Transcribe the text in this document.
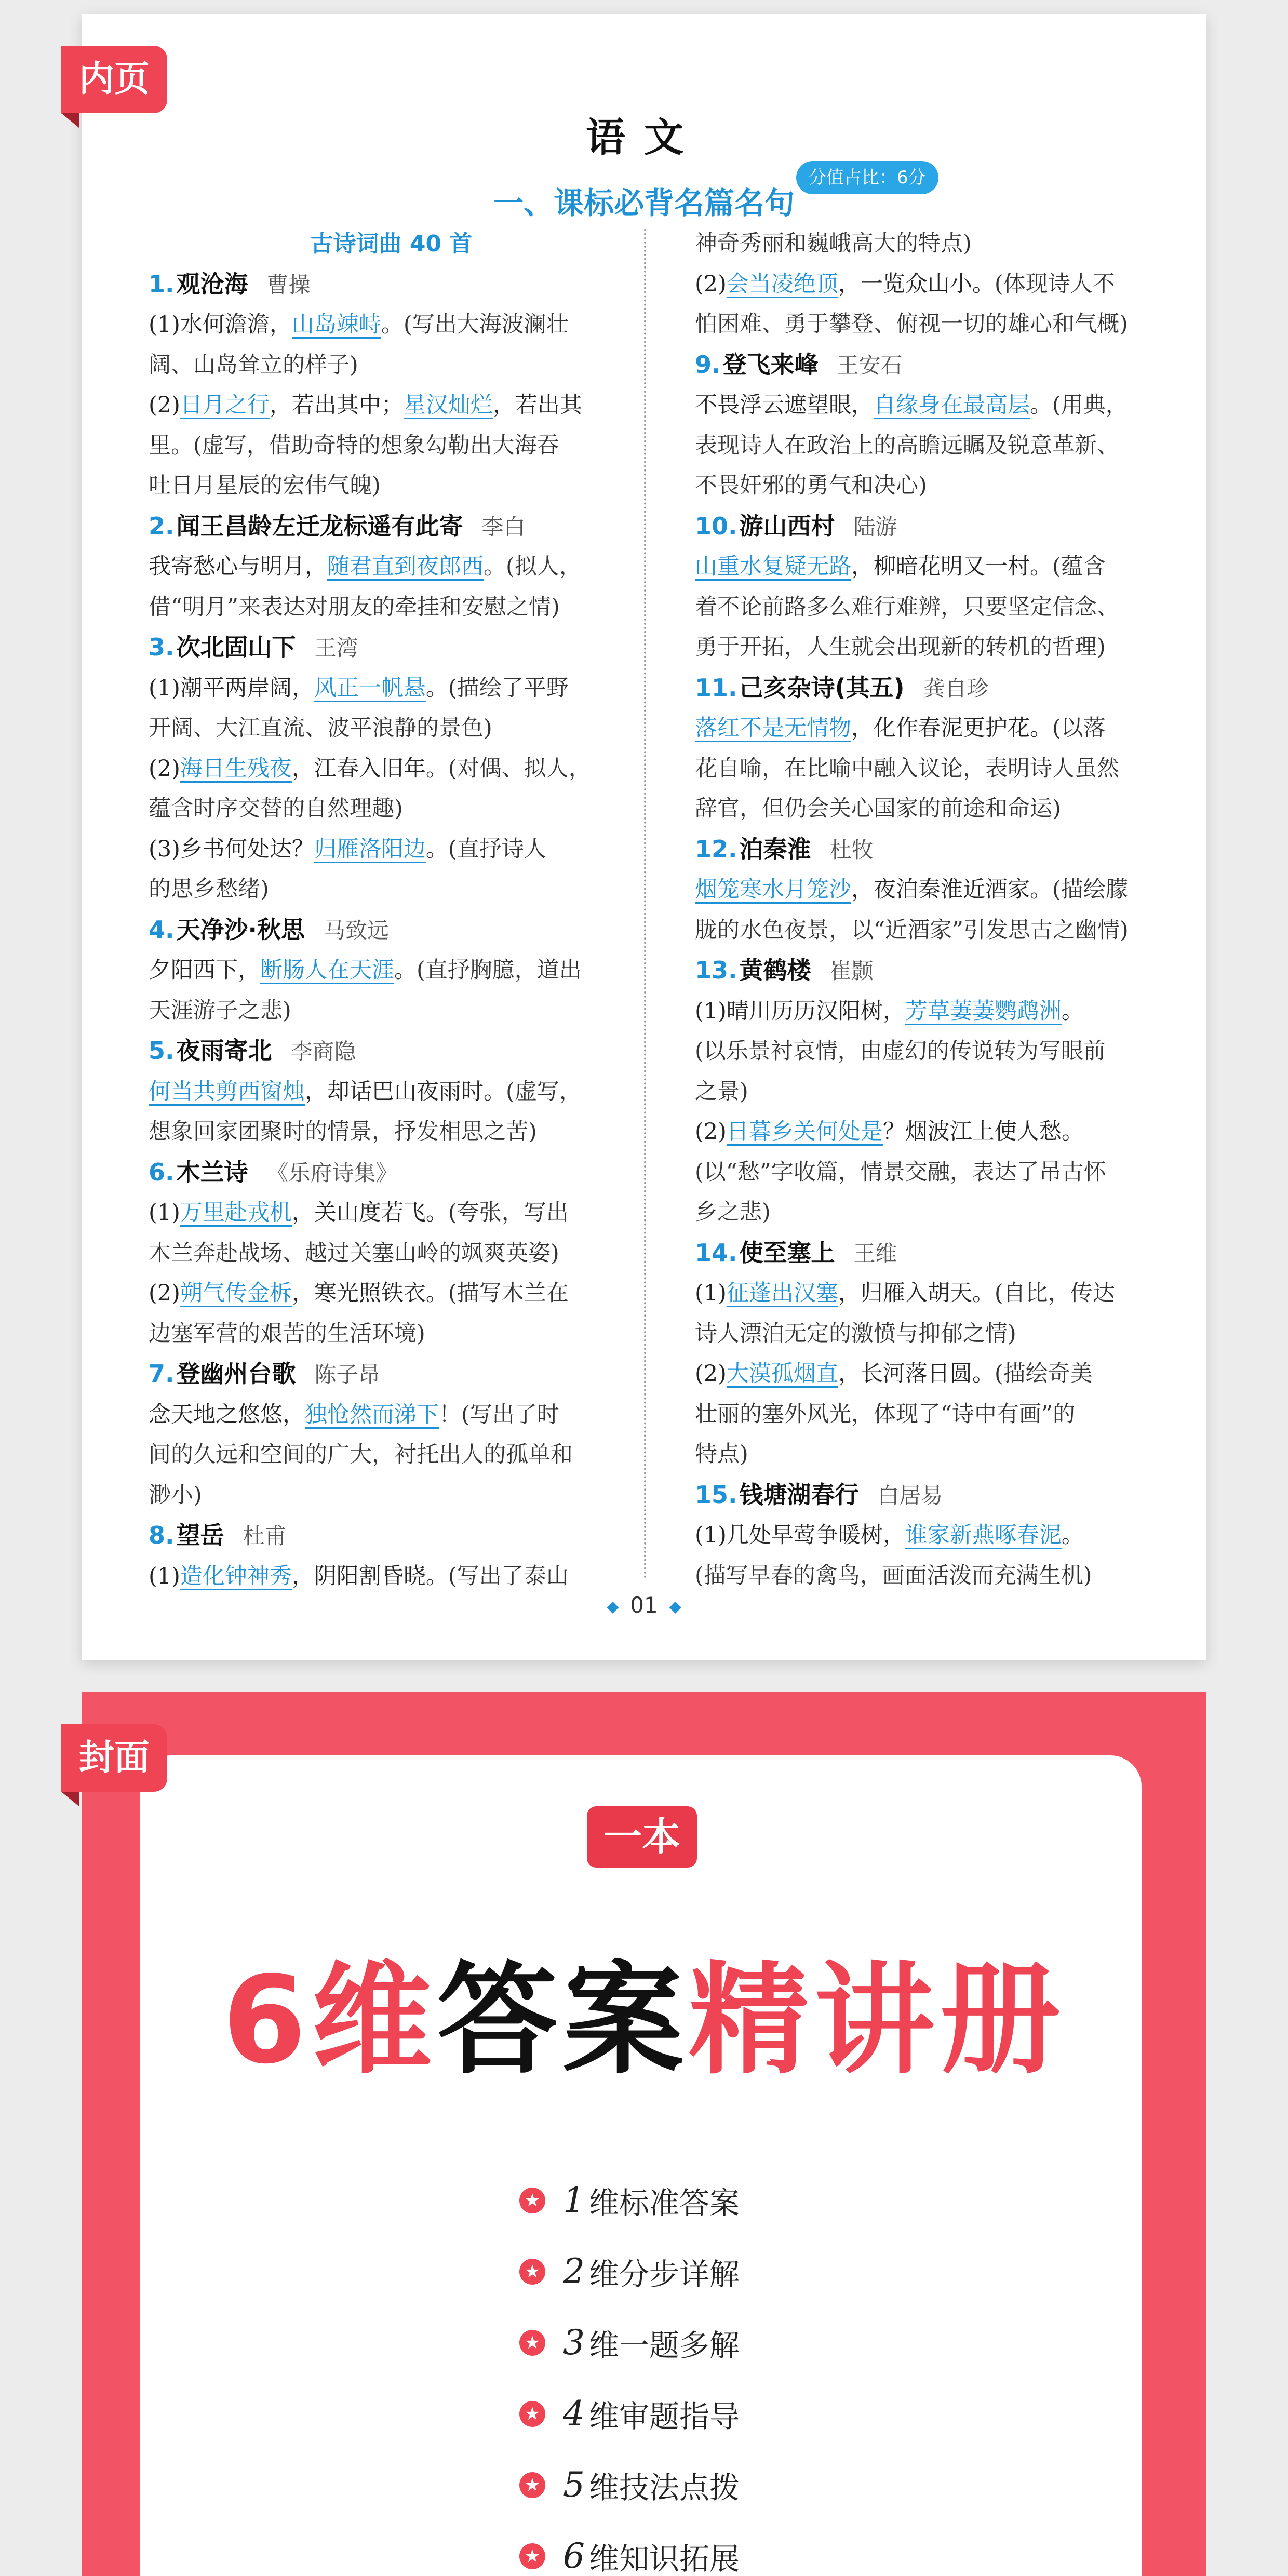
语文
一、课标必背名篇名句
分值占比：6分
古诗词曲 40 首
1.观沧海 曹操
(1)水何澹澹，山岛竦峙。(写出大海波澜壮
阔、山岛耸立的样子)
(2)日月之行，若出其中；星汉灿烂，若出其
里。(虚写，借助奇特的想象勾勒出大海吞
吐日月星辰的宏伟气魄)
2.闻王昌龄左迁龙标遥有此寄 李白
我寄愁心与明月，随君直到夜郎西。(拟人，
借“明月”来表达对朋友的牵挂和安慰之情)
3.次北固山下 王湾
(1)潮平两岸阔，风正一帆悬。(描绘了平野
开阔、大江直流、波平浪静的景色)
(2)海日生残夜，江春入旧年。(对偶、拟人，
蕴含时序交替的自然理趣)
(3)乡书何处达？归雁洛阳边。(直抒诗人
的思乡愁绪)
4.天净沙·秋思 马致远
夕阳西下，断肠人在天涯。(直抒胸臆，道出
天涯游子之悲)
5.夜雨寄北 李商隐
何当共剪西窗烛，却话巴山夜雨时。(虚写，
想象回家团聚时的情景，抒发相思之苦)
6.木兰诗 《乐府诗集》
(1)万里赴戎机，关山度若飞。(夸张，写出
木兰奔赴战场、越过关塞山岭的飒爽英姿)
(2)朔气传金柝，寒光照铁衣。(描写木兰在
边塞军营的艰苦的生活环境)
7.登幽州台歌 陈子昂
念天地之悠悠，独怆然而涕下！(写出了时
间的久远和空间的广大，衬托出人的孤单和
渺小)
8.望岳 杜甫
(1)造化钟神秀，阴阳割昏晓。(写出了泰山
神奇秀丽和巍峨高大的特点)
(2)会当凌绝顶，一览众山小。(体现诗人不
怕困难、勇于攀登、俯视一切的雄心和气概)
9.登飞来峰 王安石
不畏浮云遮望眼，自缘身在最高层。(用典，
表现诗人在政治上的高瞻远瞩及锐意革新、
不畏奸邪的勇气和决心)
10.游山西村 陆游
山重水复疑无路，柳暗花明又一村。(蕴含
着不论前路多么难行难辨，只要坚定信念、
勇于开拓，人生就会出现新的转机的哲理)
11.己亥杂诗(其五) 龚自珍
落红不是无情物，化作春泥更护花。(以落
花自喻，在比喻中融入议论，表明诗人虽然
辞官，但仍会关心国家的前途和命运)
12.泊秦淮 杜牧
烟笼寒水月笼沙，夜泊秦淮近酒家。(描绘朦
胧的水色夜景，以“近酒家”引发思古之幽情)
13.黄鹤楼 崔颢
(1)晴川历历汉阳树，芳草萋萋鹦鹉洲。
(以乐景衬哀情，由虚幻的传说转为写眼前
之景)
(2)日暮乡关何处是？烟波江上使人愁。
(以“愁”字收篇，情景交融，表达了吊古怀
乡之悲)
14.使至塞上 王维
(1)征蓬出汉塞，归雁入胡天。(自比，传达
诗人漂泊无定的激愤与抑郁之情)
(2)大漠孤烟直，长河落日圆。(描绘奇美
壮丽的塞外风光，体现了“诗中有画”的
特点)
15.钱塘湖春行 白居易
(1)几处早莺争暖树，谁家新燕啄春泥。
(描写早春的禽鸟，画面活泼而充满生机)
◆ 01 ◆
内页
封面
一本
6维答案精讲册
★ 1 维标准答案
★ 2 维分步详解
★ 3 维一题多解
★ 4 维审题指导
★ 5 维技法点拨
★ 6 维知识拓展
